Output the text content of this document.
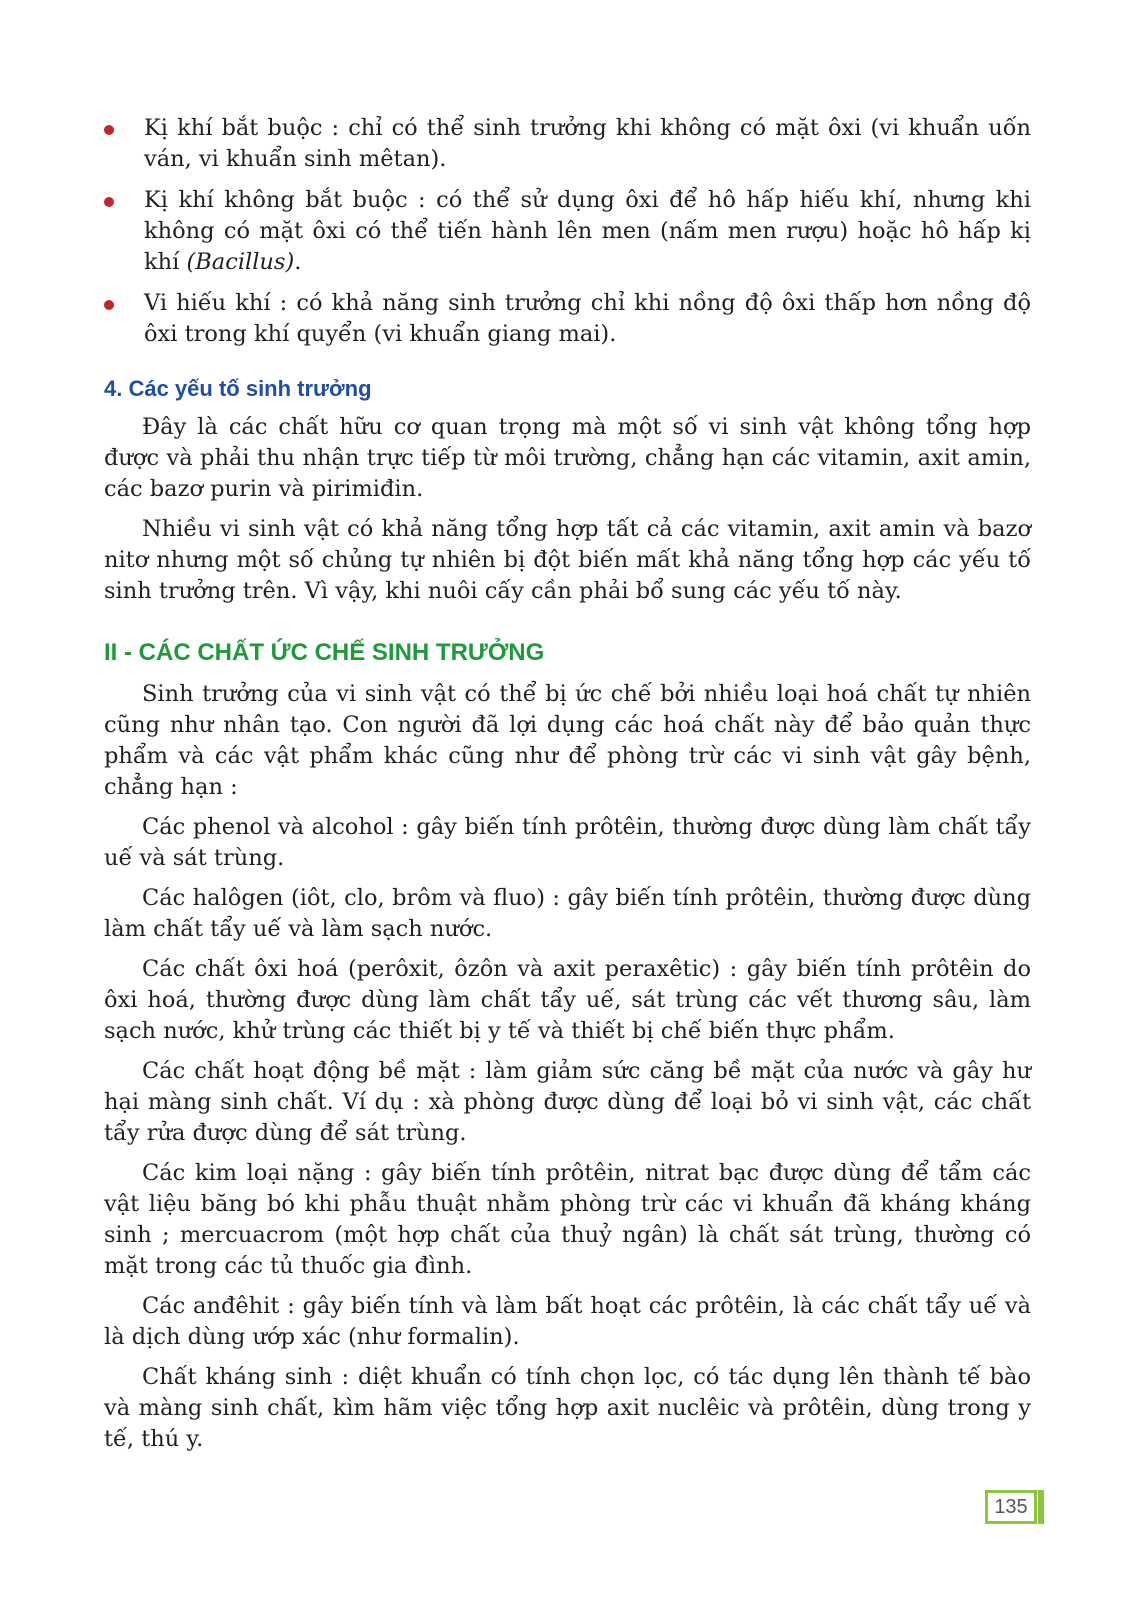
Kị khí bắt buộc : chỉ có thể sinh trưởng khi không có mặt ôxi (vi khuẩn uốn ván, vi khuẩn sinh mêtan).
Kị khí không bắt buộc : có thể sử dụng ôxi để hô hấp hiếu khí, nhưng khi không có mặt ôxi có thể tiến hành lên men (nấm men rượu) hoặc hô hấp kị khí (Bacillus).
Vi hiếu khí : có khả năng sinh trưởng chỉ khi nồng độ ôxi thấp hơn nồng độ ôxi trong khí quyển (vi khuẩn giang mai).
4. Các yếu tố sinh trưởng

Đây là các chất hữu cơ quan trọng mà một số vi sinh vật không tổng hợp được và phải thu nhận trực tiếp từ môi trường, chẳng hạn các vitamin, axit amin, các bazơ purin và pirimiđin.

Nhiều vi sinh vật có khả năng tổng hợp tất cả các vitamin, axit amin và bazơ nitơ nhưng một số chủng tự nhiên bị đột biến mất khả năng tổng hợp các yếu tố sinh trưởng trên. Vì vậy, khi nuôi cấy cần phải bổ sung các yếu tố này.

II - CÁC CHẤT ỨC CHẾ SINH TRƯỞNG

Sinh trưởng của vi sinh vật có thể bị ức chế bởi nhiều loại hoá chất tự nhiên cũng như nhân tạo. Con người đã lợi dụng các hoá chất này để bảo quản thực phẩm và các vật phẩm khác cũng như để phòng trừ các vi sinh vật gây bệnh, chẳng hạn :

Các phenol và alcohol : gây biến tính prôtêin, thường được dùng làm chất tẩy uế và sát trùng.

Các halôgen (iôt, clo, brôm và fluo) : gây biến tính prôtêin, thường được dùng làm chất tẩy uế và làm sạch nước.

Các chất ôxi hoá (perôxit, ôzôn và axit peraxêtic) : gây biến tính prôtêin do ôxi hoá, thường được dùng làm chất tẩy uế, sát trùng các vết thương sâu, làm sạch nước, khử trùng các thiết bị y tế và thiết bị chế biến thực phẩm.

Các chất hoạt động bề mặt : làm giảm sức căng bề mặt của nước và gây hư hại màng sinh chất. Ví dụ : xà phòng được dùng để loại bỏ vi sinh vật, các chất tẩy rửa được dùng để sát trùng.

Các kim loại nặng : gây biến tính prôtêin, nitrat bạc được dùng để tẩm các vật liệu băng bó khi phẫu thuật nhằm phòng trừ các vi khuẩn đã kháng kháng sinh ; mercuacrom (một hợp chất của thuỷ ngân) là chất sát trùng, thường có mặt trong các tủ thuốc gia đình.

Các anđêhit : gây biến tính và làm bất hoạt các prôtêin, là các chất tẩy uế và là dịch dùng ướp xác (như formalin).

Chất kháng sinh : diệt khuẩn có tính chọn lọc, có tác dụng lên thành tế bào và màng sinh chất, kìm hãm việc tổng hợp axit nuclêic và prôtêin, dùng trong y tế, thú y.

135
